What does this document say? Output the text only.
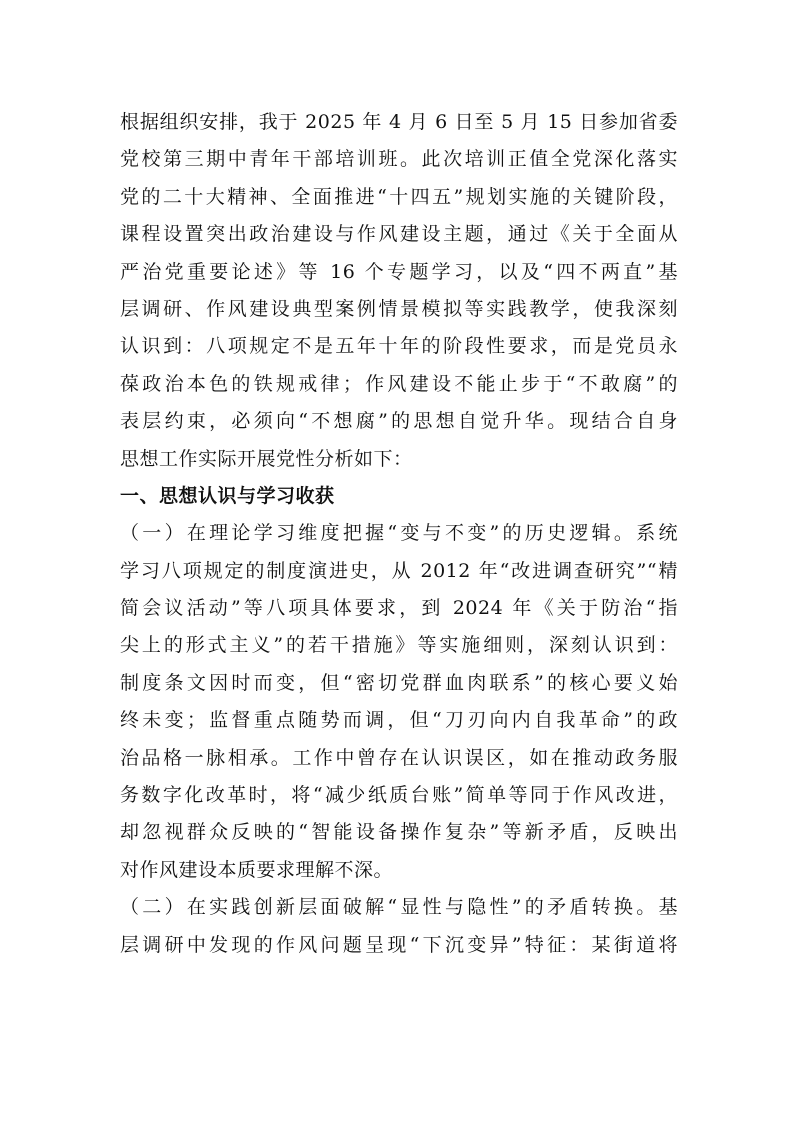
根据组织安排，我于 2025 年 4 月 6 日至 5 月 15 日参加省委
党校第三期中青年干部培训班。此次培训正值全党深化落实
党的二十大精神、全面推进“十四五”规划实施的关键阶段，
课程设置突出政治建设与作风建设主题，通过《关于全面从
严治党重要论述》等 16 个专题学习，以及“四不两直”基
层调研、作风建设典型案例情景模拟等实践教学，使我深刻
认识到：八项规定不是五年十年的阶段性要求，而是党员永
葆政治本色的铁规戒律；作风建设不能止步于“不敢腐”的
表层约束，必须向“不想腐”的思想自觉升华。现结合自身
思想工作实际开展党性分析如下：
一、思想认识与学习收获
（一）在理论学习维度把握“变与不变”的历史逻辑。系统
学习八项规定的制度演进史，从 2012 年“改进调查研究”“精
简会议活动”等八项具体要求，到 2024 年《关于防治“指
尖上的形式主义”的若干措施》等实施细则，深刻认识到：
制度条文因时而变，但“密切党群血肉联系”的核心要义始
终未变；监督重点随势而调，但“刀刃向内自我革命”的政
治品格一脉相承。工作中曾存在认识误区，如在推动政务服
务数字化改革时，将“减少纸质台账”简单等同于作风改进，
却忽视群众反映的“智能设备操作复杂”等新矛盾，反映出
对作风建设本质要求理解不深。
（二）在实践创新层面破解“显性与隐性”的矛盾转换。基
层调研中发现的作风问题呈现“下沉变异”特征：某街道将
